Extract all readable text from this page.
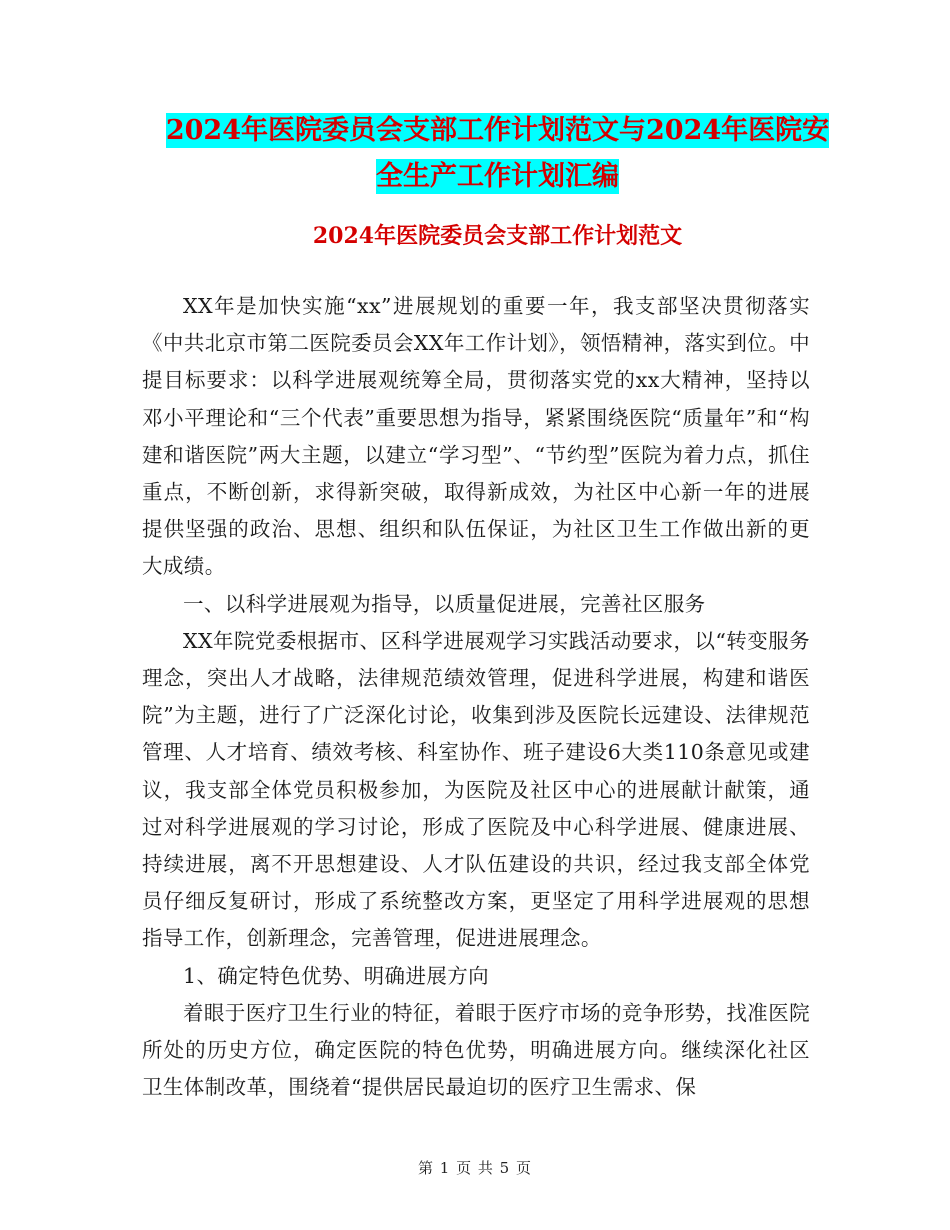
2024年医院委员会支部工作计划范文与2024年医院安
全生产工作计划汇编
2024年医院委员会支部工作计划范文

XX年是加快实施“xx”进展规划的重要一年，我支部坚决贯彻落实《中共北京市第二医院委员会XX年工作计划》，领悟精神，落实到位。中提目标要求：以科学进展观统筹全局，贯彻落实党的xx大精神，坚持以邓小平理论和“三个代表”重要思想为指导，紧紧围绕医院“质量年”和“构建和谐医院”两大主题，以建立“学习型”、“节约型”医院为着力点，抓住重点，不断创新，求得新突破，取得新成效，为社区中心新一年的进展提供坚强的政治、思想、组织和队伍保证，为社区卫生工作做出新的更大成绩。

一、以科学进展观为指导，以质量促进展，完善社区服务

XX年院党委根据市、区科学进展观学习实践活动要求，以“转变服务理念，突出人才战略，法律规范绩效管理，促进科学进展，构建和谐医院”为主题，进行了广泛深化讨论，收集到涉及医院长远建设、法律规范管理、人才培育、绩效考核、科室协作、班子建设6大类110条意见或建议，我支部全体党员积极参加，为医院及社区中心的进展献计献策，通过对科学进展观的学习讨论，形成了医院及中心科学进展、健康进展、持续进展，离不开思想建设、人才队伍建设的共识，经过我支部全体党员仔细反复研讨，形成了系统整改方案，更坚定了用科学进展观的思想指导工作，创新理念，完善管理，促进进展理念。

1、确定特色优势、明确进展方向

着眼于医疗卫生行业的特征，着眼于医疗市场的竞争形势，找准医院所处的历史方位，确定医院的特色优势，明确进展方向。继续深化社区卫生体制改革，围绕着“提供居民最迫切的医疗卫生需求、保

第 1 页 共 5 页
